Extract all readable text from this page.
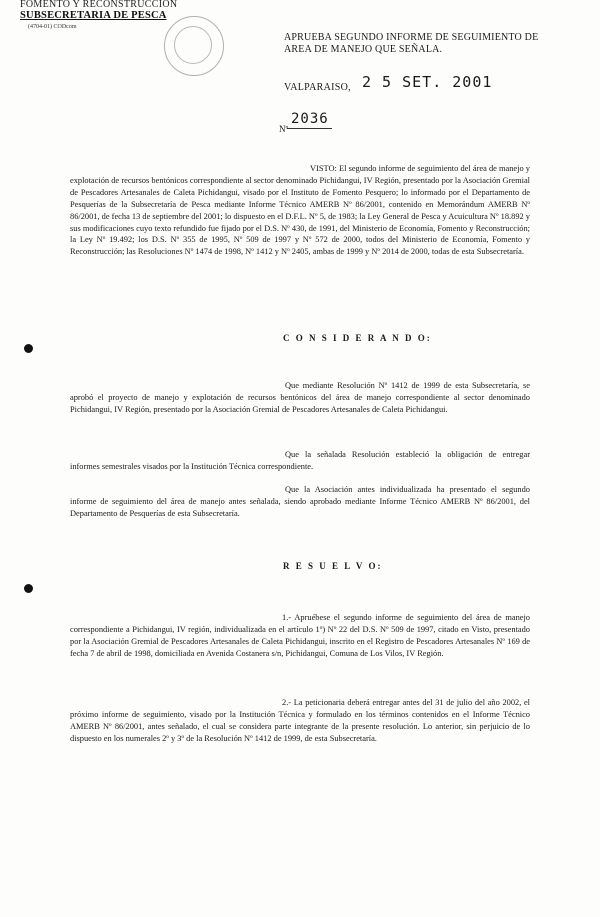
FOMENTO Y RECONSTRUCCION
SUBSECRETARIA DE PESCA
(4704-01) CODcom
APRUEBA SEGUNDO INFORME DE SEGUIMIENTO DE AREA DE MANEJO QUE SEÑALA.
VALPARAISO, 2 5 SET. 2001
Nº
2036

VISTO: El segundo informe de seguimiento del área de manejo y explotación de recursos bentónicos correspondiente al sector denominado Pichidangui, IV Región, presentado por la Asociación Gremial de Pescadores Artesanales de Caleta Pichidangui, visado por el Instituto de Fomento Pesquero; lo informado por el Departamento de Pesquerías de la Subsecretaría de Pesca mediante Informe Técnico AMERB Nº 86/2001, contenido en Memorándum AMERB Nº 86/2001, de fecha 13 de septiembre del 2001; lo dispuesto en el D.F.L. Nº 5, de 1983; la Ley General de Pesca y Acuicultura Nº 18.892 y sus modificaciones cuyo texto refundido fue fijado por el D.S. Nº 430, de 1991, del Ministerio de Economía, Fomento y Reconstrucción; la Ley Nº 19.492; los D.S. Nº 355 de 1995, Nº 509 de 1997 y Nº 572 de 2000, todos del Ministerio de Economía, Fomento y Reconstrucción; las Resoluciones Nº 1474 de 1998, Nº 1412 y Nº 2405, ambas de 1999 y Nº 2014 de 2000, todas de esta Subsecretaría.

C O N S I D E R A N D O:

Que mediante Resolución Nº 1412 de 1999 de esta Subsecretaría, se aprobó el proyecto de manejo y explotación de recursos bentónicos del área de manejo correspondiente al sector denominado Pichidangui, IV Región, presentado por la Asociación Gremial de Pescadores Artesanales de Caleta Pichidangui.

Que la señalada Resolución estableció la obligación de entregar informes semestrales visados por la Institución Técnica correspondiente.

Que la Asociación antes individualizada ha presentado el segundo informe de seguimiento del área de manejo antes señalada, siendo aprobado mediante Informe Técnico AMERB Nº 86/2001, del Departamento de Pesquerías de esta Subsecretaría.

R E S U E L V O:

1.- Apruébese el segundo informe de seguimiento del área de manejo correspondiente a Pichidangui, IV región, individualizada en el artículo 1º) Nº 22 del D.S. Nº 509 de 1997, citado en Visto, presentado por la Asociación Gremial de Pescadores Artesanales de Caleta Pichidangui, inscrito en el Registro de Pescadores Artesanales Nº 169 de fecha 7 de abril de 1998, domiciliada en Avenida Costanera s/n, Pichidangui, Comuna de Los Vilos, IV Región.

2.- La peticionaria deberá entregar antes del 31 de julio del año 2002, el próximo informe de seguimiento, visado por la Institución Técnica y formulado en los términos contenidos en el Informe Técnico AMERB Nº 86/2001, antes señalado, el cual se considera parte integrante de la presente resolución. Lo anterior, sin perjuicio de lo dispuesto en los numerales 2º y 3º de la Resolución Nº 1412 de 1999, de esta Subsecretaría.
